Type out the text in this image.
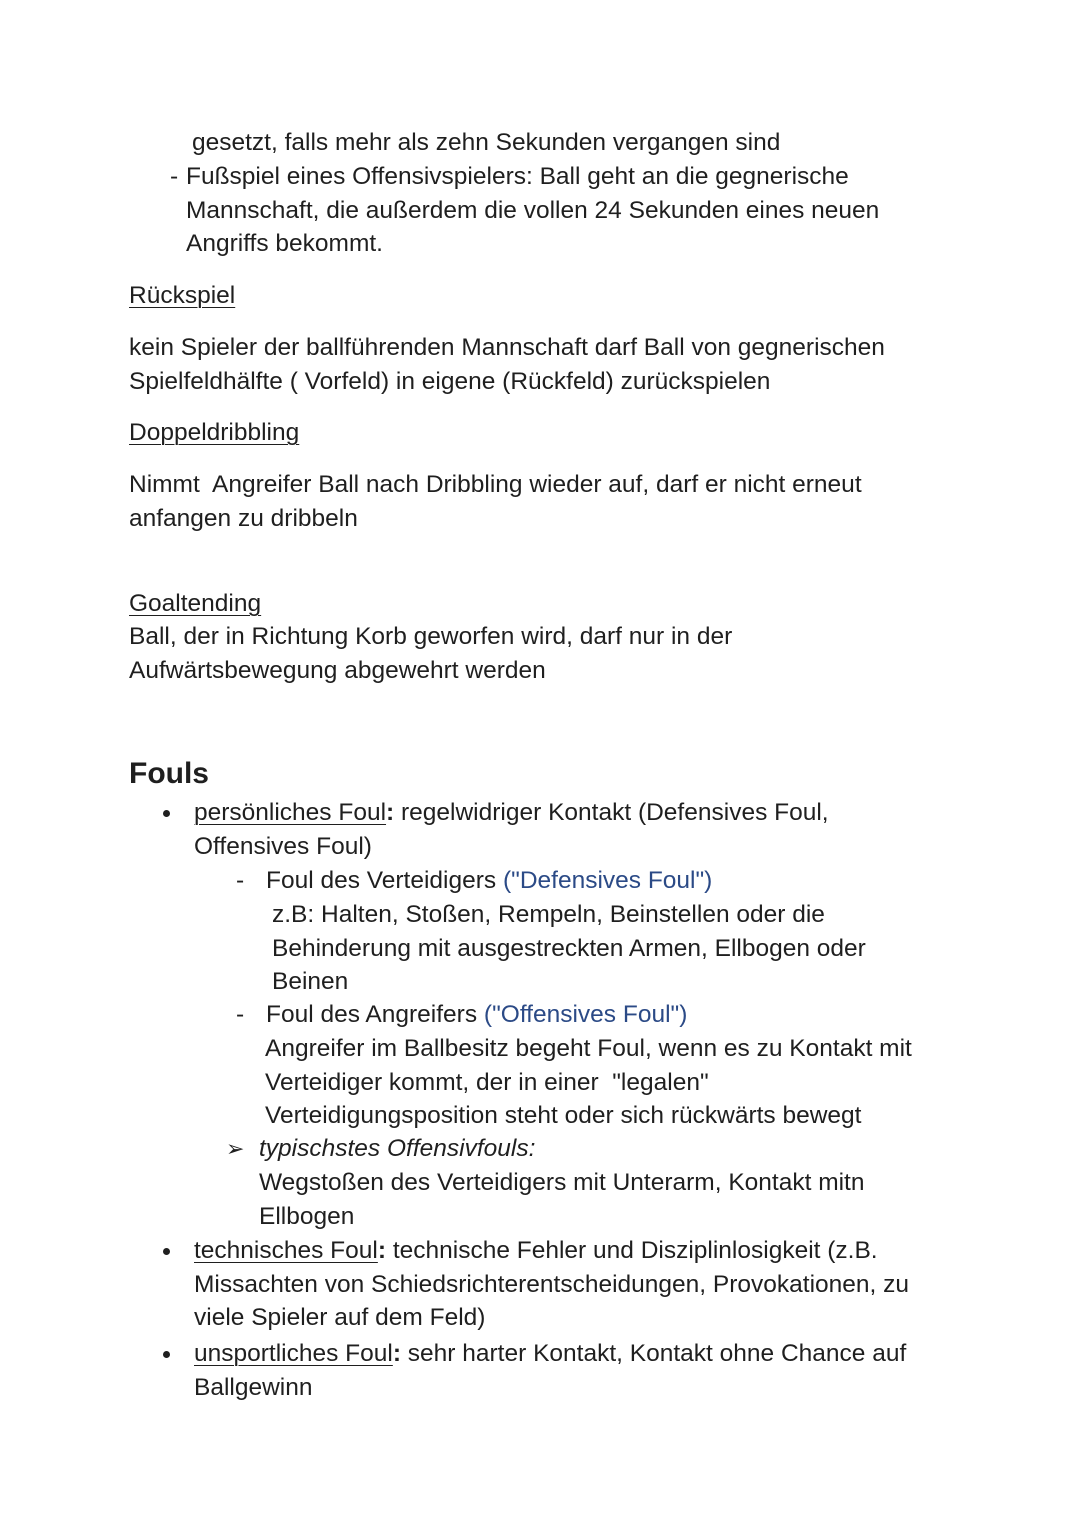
gesetzt, falls mehr als zehn Sekunden vergangen sind

- Fußspiel eines Offensivspielers: Ball geht an die gegnerische
Mannschaft, die außerdem die vollen 24 Sekunden eines neuen
Angriffs bekommt.
Rückspiel
kein Spieler der ballführenden Mannschaft darf Ball von gegnerischen
Spielfeldhälfte ( Vorfeld) in eigene (Rückfeld) zurückspielen
Doppeldribbling
Nimmt  Angreifer Ball nach Dribbling wieder auf, darf er nicht erneut
anfangen zu dribbeln
Goaltending
Ball, der in Richtung Korb geworfen wird, darf nur in der
Aufwärtsbewegung abgewehrt werden
Fouls
persönliches Foul: regelwidriger Kontakt (Defensives Foul,
Offensives Foul)
- Foul des Verteidigers ("Defensives Foul")
z.B: Halten, Stoßen, Rempeln, Beinstellen oder die
Behinderung mit ausgestreckten Armen, Ellbogen oder
Beinen
- Foul des Angreifers ("Offensives Foul")
Angreifer im Ballbesitz begeht Foul, wenn es zu Kontakt mit
Verteidiger kommt, der in einer  "legalen"
Verteidigungsposition steht oder sich rückwärts bewegt
➢ typischstes Offensivfouls:
Wegstoßen des Verteidigers mit Unterarm, Kontakt mitn
Ellbogen
technisches Foul: technische Fehler und Disziplinlosigkeit (z.B.
Missachten von Schiedsrichterentscheidungen, Provokationen, zu
viele Spieler auf dem Feld)
unsportliches Foul: sehr harter Kontakt, Kontakt ohne Chance auf
Ballgewinn
